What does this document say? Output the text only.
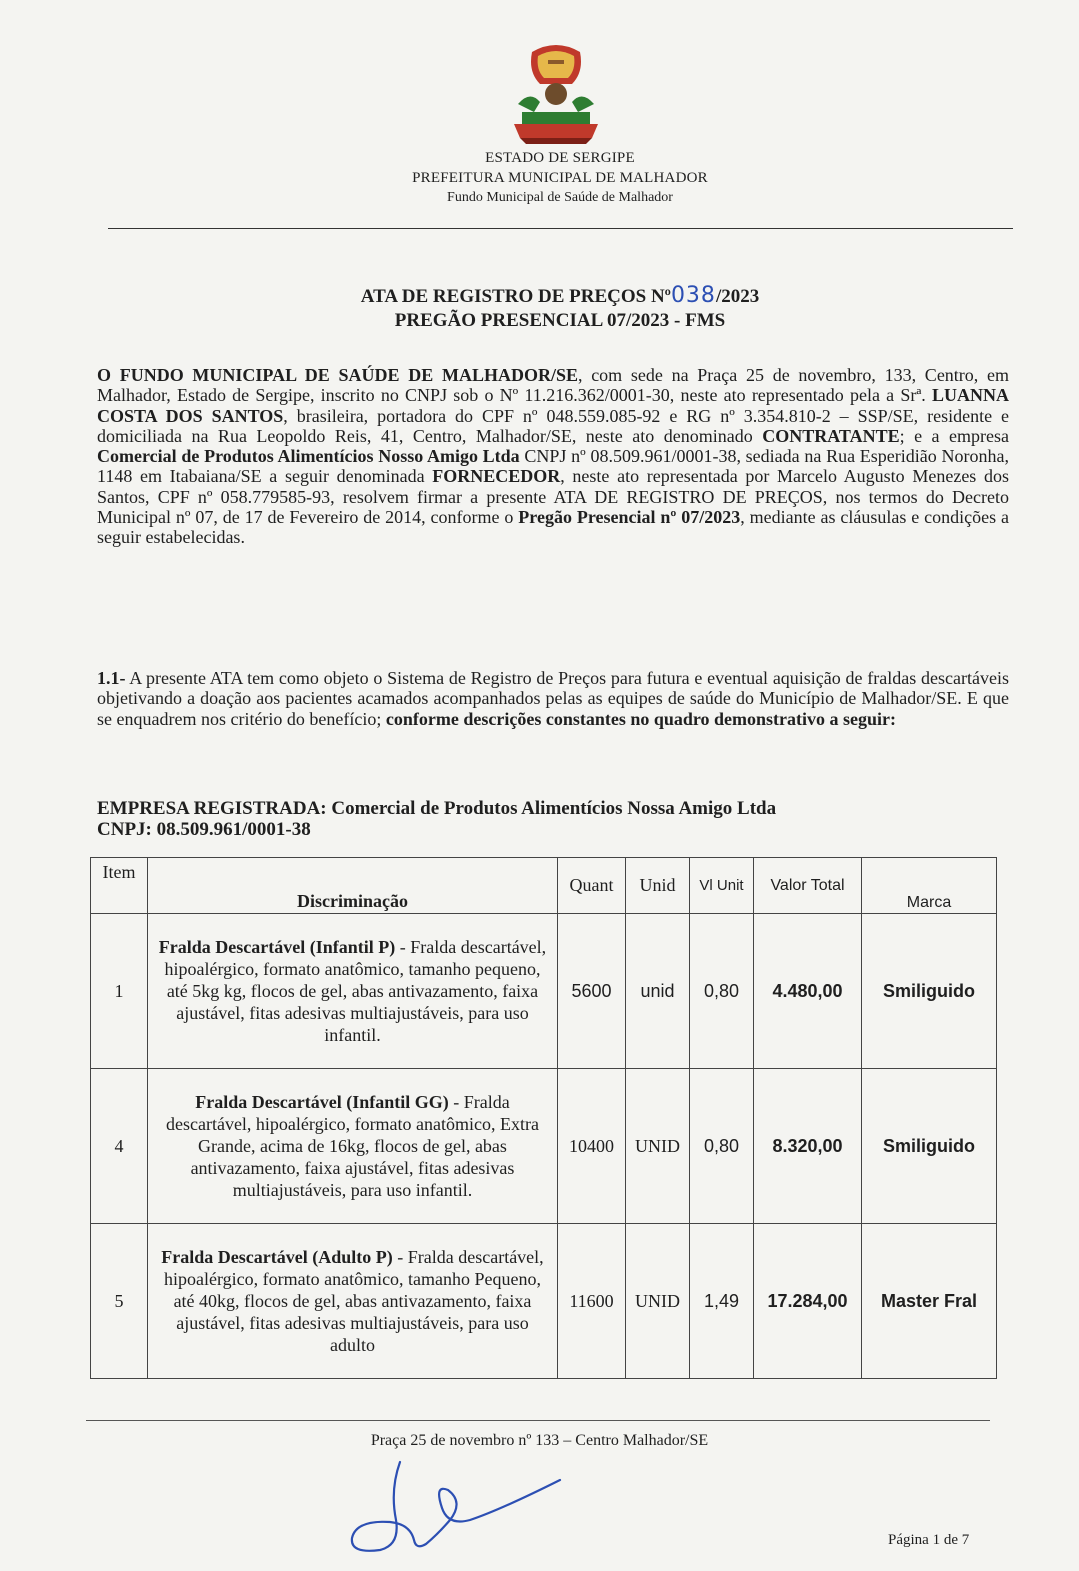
ESTADO DE SERGIPE
PREFEITURA MUNICIPAL DE MALHADOR
Fundo Municipal de Saúde de Malhador
ATA DE REGISTRO DE PREÇOS Nº038/2023
PREGÃO PRESENCIAL 07/2023 - FMS
O FUNDO MUNICIPAL DE SAÚDE DE MALHADOR/SE, com sede na Praça 25 de novembro, 133, Centro, em Malhador, Estado de Sergipe, inscrito no CNPJ sob o Nº 11.216.362/0001-30, neste ato representado pela a Srª. LUANNA COSTA DOS SANTOS, brasileira, portadora do CPF nº 048.559.085-92 e RG nº 3.354.810-2 – SSP/SE, residente e domiciliada na Rua Leopoldo Reis, 41, Centro, Malhador/SE, neste ato denominado CONTRATANTE; e a empresa Comercial de Produtos Alimentícios Nosso Amigo Ltda CNPJ nº 08.509.961/0001-38, sediada na Rua Esperidião Noronha, 1148 em Itabaiana/SE a seguir denominada FORNECEDOR, neste ato representada por Marcelo Augusto Menezes dos Santos, CPF nº 058.779585-93, resolvem firmar a presente ATA DE REGISTRO DE PREÇOS, nos termos do Decreto Municipal nº 07, de 17 de Fevereiro de 2014, conforme o Pregão Presencial nº 07/2023, mediante as cláusulas e condições a seguir estabelecidas.
1.1- A presente ATA tem como objeto o Sistema de Registro de Preços para futura e eventual aquisição de fraldas descartáveis objetivando a doação aos pacientes acamados acompanhados pelas as equipes de saúde do Município de Malhador/SE. E que se enquadrem nos critério do benefício; conforme descrições constantes no quadro demonstrativo a seguir:
EMPRESA REGISTRADA: Comercial de Produtos Alimentícios Nossa Amigo Ltda
CNPJ: 08.509.961/0001-38
Item	Discriminação	Quant	Unid	Vl Unit	Valor Total	Marca
1	Fralda Descartável (Infantil P) - Fralda descartável, hipoalérgico, formato anatômico, tamanho pequeno, até 5kg kg, flocos de gel, abas antivazamento, faixa ajustável, fitas adesivas multiajustáveis, para uso infantil.	5600	unid	0,80	4.480,00	Smiliguido
4	Fralda Descartável (Infantil GG) - Fralda descartável, hipoalérgico, formato anatômico, Extra Grande, acima de 16kg, flocos de gel, abas antivazamento, faixa ajustável, fitas adesivas multiajustáveis, para uso infantil.	10400	UNID	0,80	8.320,00	Smiliguido
5	Fralda Descartável (Adulto P) - Fralda descartável, hipoalérgico, formato anatômico, tamanho Pequeno, até 40kg, flocos de gel, abas antivazamento, faixa ajustável, fitas adesivas multiajustáveis, para uso adulto	11600	UNID	1,49	17.284,00	Master Fral
Praça 25 de novembro nº 133 – Centro Malhador/SE
Página 1 de 7
